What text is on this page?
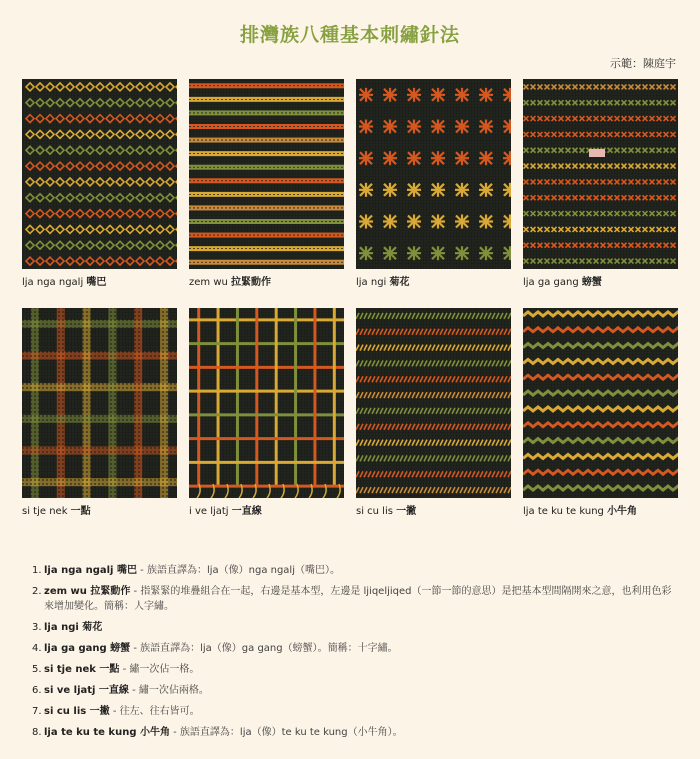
排灣族八種基本刺繡針法
示範：陳庭宇
lja nga ngalj 嘴巴	zem wu 拉緊動作	lja ngi 菊花	lja ga gang 螃蟹
si tje nek 一點	i ve ljatj 一直線	si cu lis 一撇	lja te ku te kung 小牛角
1. lja nga ngalj 嘴巴 - 族語直譯為：lja（像）nga ngalj（嘴巴）。
2. zem wu 拉緊動作 - 指緊緊的堆疊組合在一起，右邊是基本型，左邊是 ljiqeljiqed（一節一節的意思）是把基本型間隔開來之意，也利用色彩來增加變化。簡稱：人字繡。
3. lja ngi 菊花
4. lja ga gang 螃蟹 - 族語直譯為：lja（像）ga gang（螃蟹）。簡稱：十字繡。
5. si tje nek 一點 - 繡一次佔一格。
6. si ve ljatj 一直線 - 繡一次佔兩格。
7. si cu lis 一撇 - 往左、往右皆可。
8. lja te ku te kung 小牛角 - 族語直譯為：lja（像）te ku te kung（小牛角）。
